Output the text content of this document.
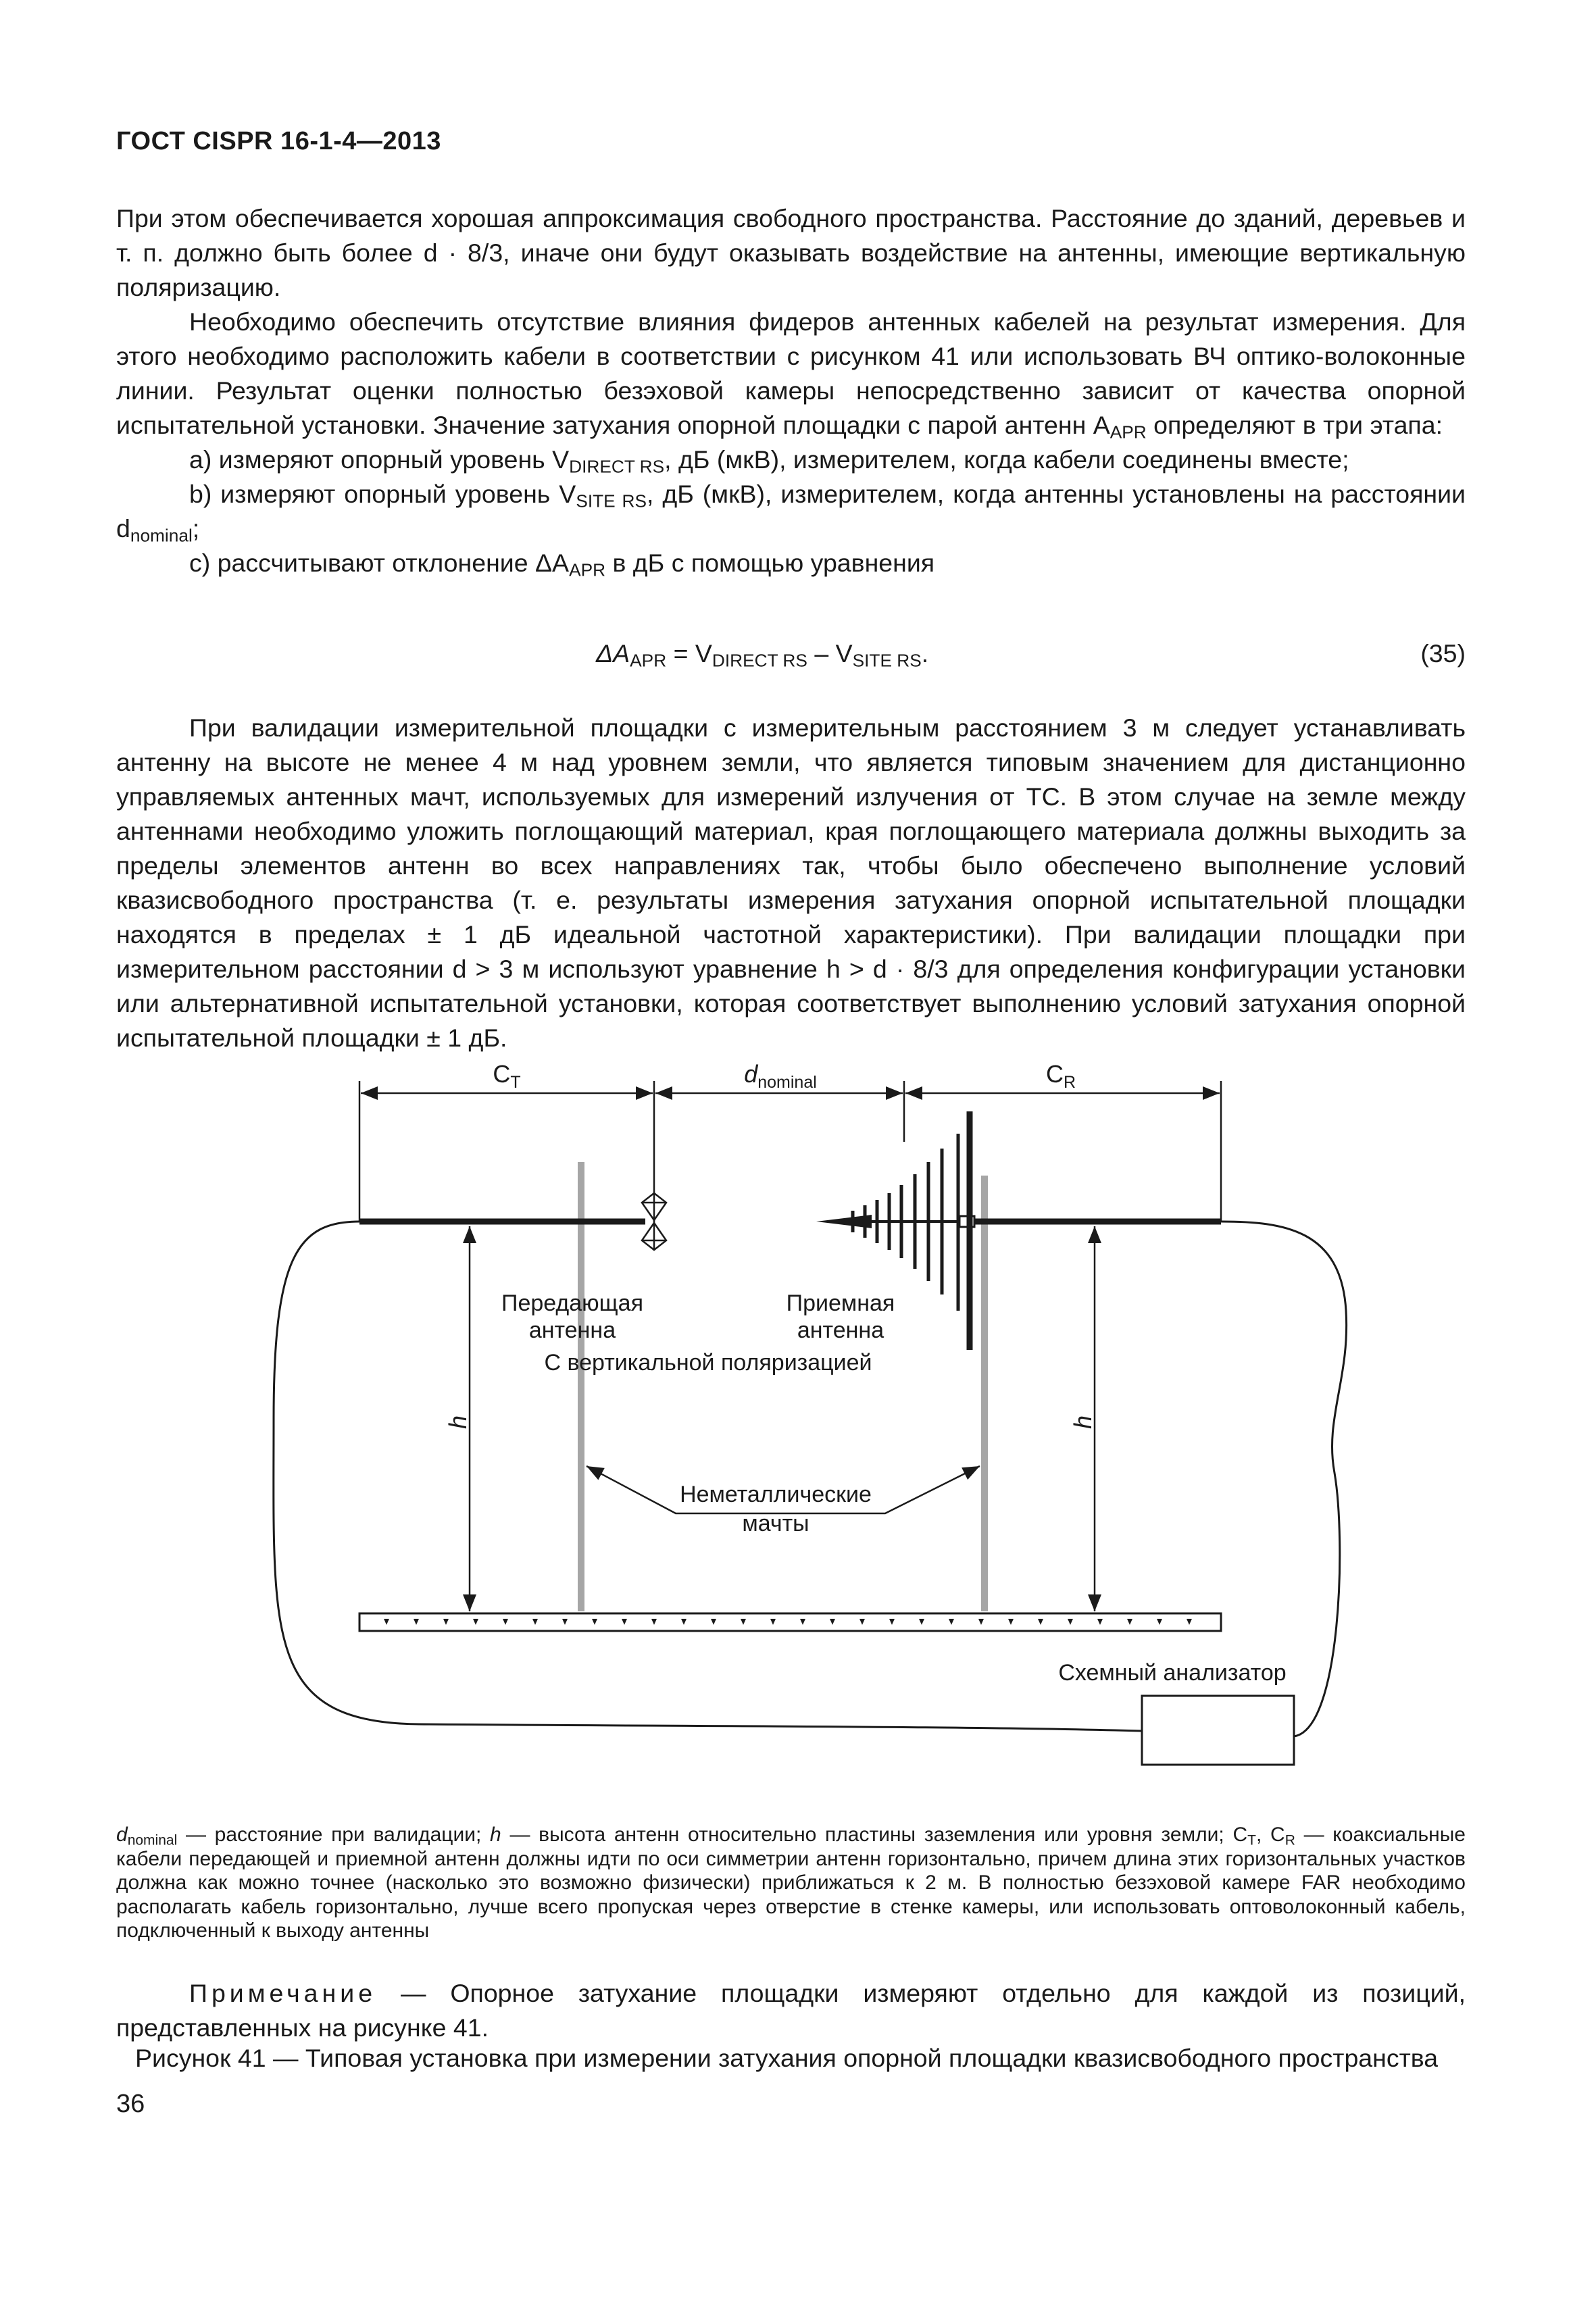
ГОСТ CISPR 16-1-4—2013

При этом обеспечивается хорошая аппроксимация свободного пространства. Расстояние до зданий, деревьев и т. п. должно быть более d · 8/3, иначе они будут оказывать воздействие на антенны, имеющие вертикальную поляризацию.

Необходимо обеспечить отсутствие влияния фидеров антенных кабелей на результат измерения. Для этого необходимо расположить кабели в соответствии с рисунком 41 или использовать ВЧ оптико-волоконные линии. Результат оценки полностью безэховой камеры непосредственно зависит от качества опорной испытательной установки. Значение затухания опорной площадки с парой антенн $A_{APR}$ определяют в три этапа:

a) измеряют опорный уровень $V_{DIRECT RS}$, дБ (мкВ), измерителем, когда кабели соединены вместе;

b) измеряют опорный уровень $V_{SITE RS}$, дБ (мкВ), измерителем, когда антенны установлены на расстоянии $d_{nominal}$;

c) рассчитывают отклонение $\Delta A_{APR}$ в дБ с помощью уравнения

$\Delta A_{APR} = V_{DIRECT RS} - V_{SITE RS}$.	(35)

При валидации измерительной площадки с измерительным расстоянием 3 м следует устанавливать антенну на высоте не менее 4 м над уровнем земли, что является типовым значением для дистанционно управляемых антенных мачт, используемых для измерений излучения от ТС. В этом случае на земле между антеннами необходимо уложить поглощающий материал, края поглощающего материала должны выходить за пределы элементов антенн во всех направлениях так, чтобы было обеспечено выполнение условий квазисвободного пространства (т. е. результаты измерения затухания опорной испытательной площадки находятся в пределах ± 1 дБ идеальной частотной характеристики). При валидации площадки при измерительном расстоянии d > 3 м используют уравнение h > d · 8/3 для определения конфигурации установки или альтернативной испытательной установки, которая соответствует выполнению условий затухания опорной испытательной площадки ± 1 дБ.

$C_T$	$d_{nominal}$	$C_R$
Передающая
антенна
Приемная
антенна
С вертикальной поляризацией
h	h
Неметаллические
мачты
Схемный анализатор
$d_{nominal}$ — расстояние при валидации; h — высота антенн относительно пластины заземления или уровня земли; $C_T$, $C_R$ — коаксиальные кабели передающей и приемной антенн должны идти по оси симметрии антенн горизонтально, причем длина этих горизонтальных участков должна как можно точнее (насколько это возможно физически) приближаться к 2 м. В полностью безэховой камере FAR необходимо располагать кабель горизонтально, лучше всего пропуская через отверстие в стенке камеры, или использовать оптоволоконный кабель, подключенный к выходу антенны
Примечание — Опорное затухание площадки измеряют отдельно для каждой из позиций, представленных на рисунке 41.
Рисунок 41 — Типовая установка при измерении затухания опорной площадки квазисвободного пространства
36
